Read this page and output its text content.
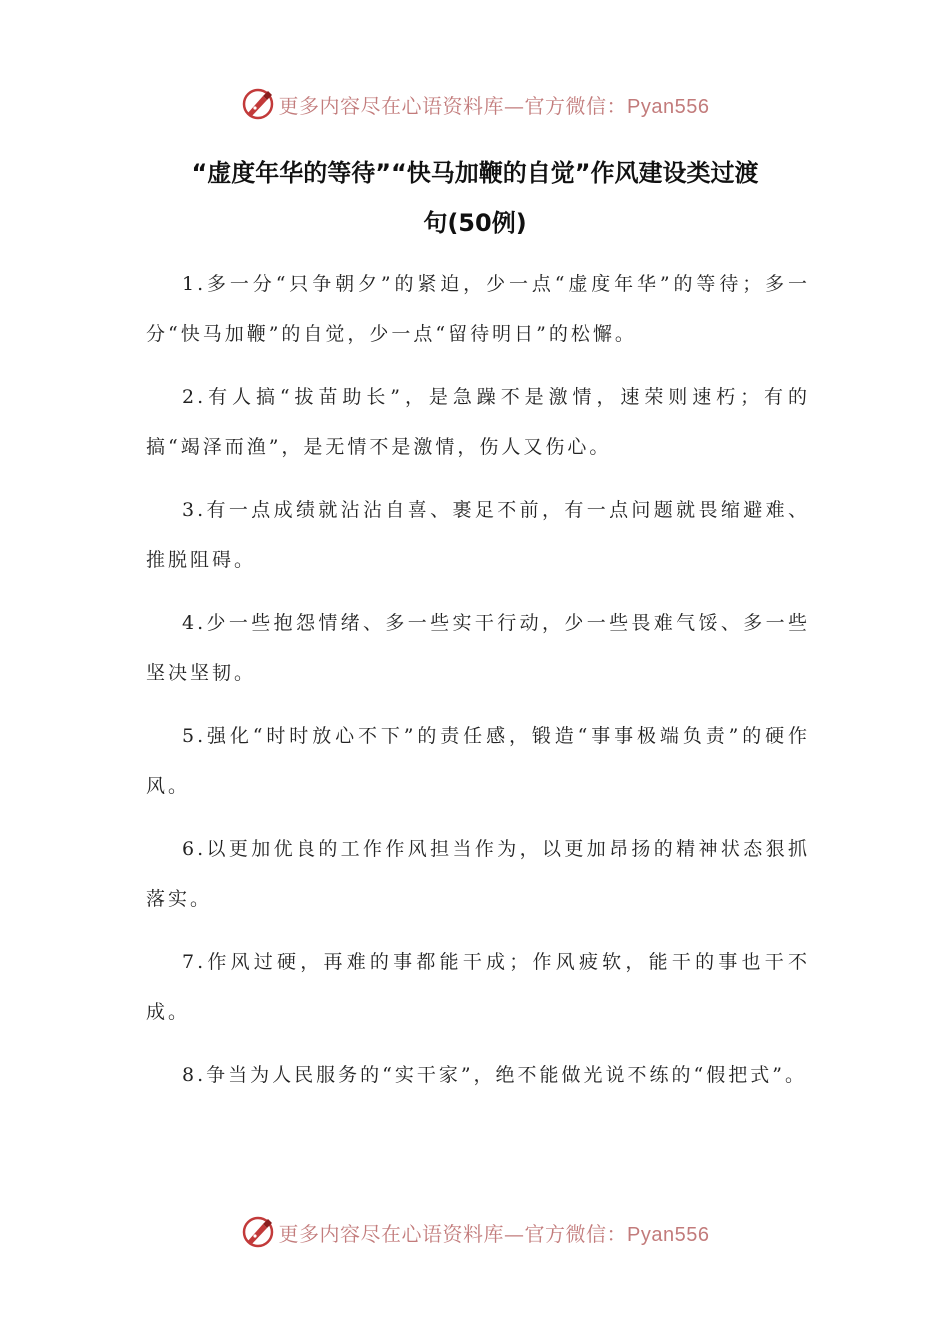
更多内容尽在心语资料库—官方微信：Pyan556
“虚度年华的等待”“快马加鞭的自觉”作风建设类过渡
句(50例)

1.多一分“只争朝夕”的紧迫，少一点“虚度年华”的等待；多一分“快马加鞭”的自觉，少一点“留待明日”的松懈。

2.有人搞“拔苗助长”，是急躁不是激情，速荣则速朽；有的搞“竭泽而渔”，是无情不是激情，伤人又伤心。

3.有一点成绩就沾沾自喜、裹足不前，有一点问题就畏缩避难、推脱阻碍。

4.少一些抱怨情绪、多一些实干行动，少一些畏难气馁、多一些坚决坚韧。

5.强化“时时放心不下”的责任感，锻造“事事极端负责”的硬作风。

6.以更加优良的工作作风担当作为，以更加昂扬的精神状态狠抓落实。

7.作风过硬，再难的事都能干成；作风疲软，能干的事也干不成。

8.争当为人民服务的“实干家”，绝不能做光说不练的“假把式”。

更多内容尽在心语资料库—官方微信：Pyan556
